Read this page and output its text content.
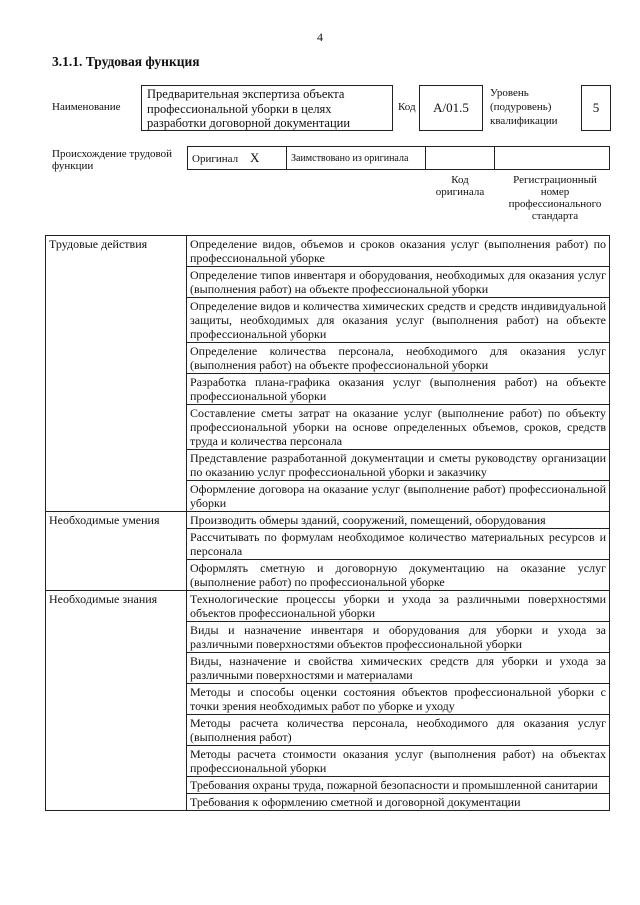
4
3.1.1. Трудовая функция
Наименование
Предварительная экспертиза объекта профессиональной уборки в целях разработки договорной документации
Код	А/01.5
Уровень (подуровень) квалификации
5
Происхождение трудовой функции
Оригинал X	Заимствовано из оригинала		
Код оригинала
Регистрационный номер профессионального стандарта
Трудовые действия	Определение видов, объемов и сроков оказания услуг (выполнения работ) по профессиональной уборке
	Определение типов инвентаря и оборудования, необходимых для оказания услуг (выполнения работ) на объекте профессиональной уборки
	Определение видов и количества химических средств и средств индивидуальной защиты, необходимых для оказания услуг (выполнения работ) на объекте профессиональной уборки
	Определение количества персонала, необходимого для оказания услуг (выполнения работ) на объекте профессиональной уборки
	Разработка плана-графика оказания услуг (выполнения работ) на объекте профессиональной уборки
	Составление сметы затрат на оказание услуг (выполнение работ) по объекту профессиональной уборки на основе определенных объемов, сроков, средств труда и количества персонала
	Представление разработанной документации и сметы руководству организации по оказанию услуг профессиональной уборки и заказчику
	Оформление договора на оказание услуг (выполнение работ) профессиональной уборки
Необходимые умения	Производить обмеры зданий, сооружений, помещений, оборудования
	Рассчитывать по формулам необходимое количество материальных ресурсов и персонала
	Оформлять сметную и договорную документацию на оказание услуг (выполнение работ) по профессиональной уборке
Необходимые знания	Технологические процессы уборки и ухода за различными поверхностями объектов профессиональной уборки
	Виды и назначение инвентаря и оборудования для уборки и ухода за различными поверхностями объектов профессиональной уборки
	Виды, назначение и свойства химических средств для уборки и ухода за различными поверхностями и материалами
	Методы и способы оценки состояния объектов профессиональной уборки с точки зрения необходимых работ по уборке и уходу
	Методы расчета количества персонала, необходимого для оказания услуг (выполнения работ)
	Методы расчета стоимости оказания услуг (выполнения работ) на объектах профессиональной уборки
	Требования охраны труда, пожарной безопасности и промышленной санитарии
	Требования к оформлению сметной и договорной документации
